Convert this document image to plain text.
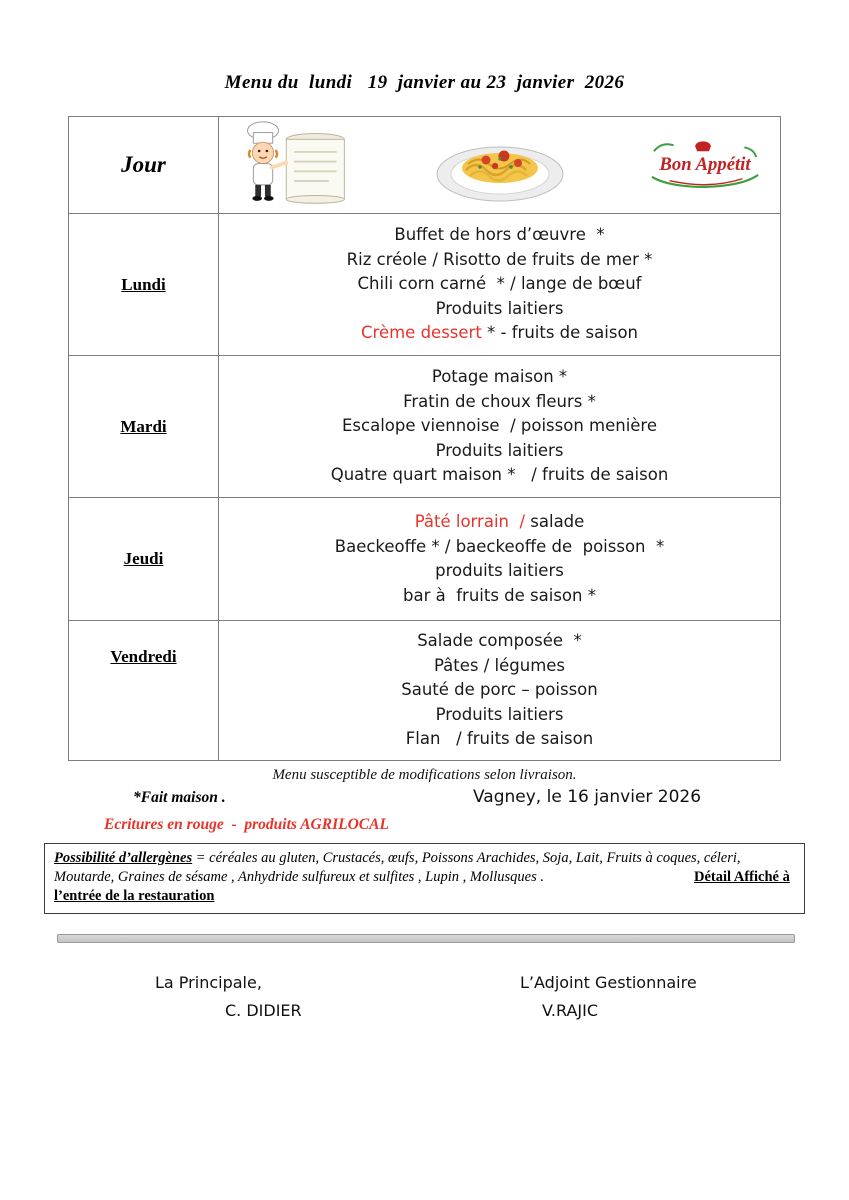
Menu du  lundi   19  janvier au 23  janvier  2026
Jour	Bon Appétit

Lundi	Buffet de hors d’œuvre  *
Riz créole / Risotto de fruits de mer *
Chili corn carné  * / lange de bœuf
Produits laitiers
Crème dessert * - fruits de saison

Mardi	Potage maison *
Fratin de choux fleurs *
Escalope viennoise  / poisson menière
Produits laitiers
Quatre quart maison *   / fruits de saison

Jeudi	Pâté lorrain  / salade
Baeckeoffe * / baeckeoffe de  poisson  *
produits laitiers
bar à  fruits de saison *

Vendredi	Salade composée  *
Pâtes / légumes
Sauté de porc – poisson
Produits laitiers
Flan   / fruits de saison
Menu susceptible de modifications selon livraison.
*Fait maison .	Vagney, le 16 janvier 2026
Ecritures en rouge  -  produits AGRILOCAL
Possibilité d’allergènes = céréales au gluten, Crustacés, œufs, Poissons Arachides, Soja, Lait, Fruits à coques, céleri, Moutarde, Graines de sésame , Anhydride sulfureux et sulfites , Lupin , Mollusques .	Détail Affiché à l’entrée de la restauration
La Principale,
C. DIDIER
L’Adjoint Gestionnaire
V.RAJIC
